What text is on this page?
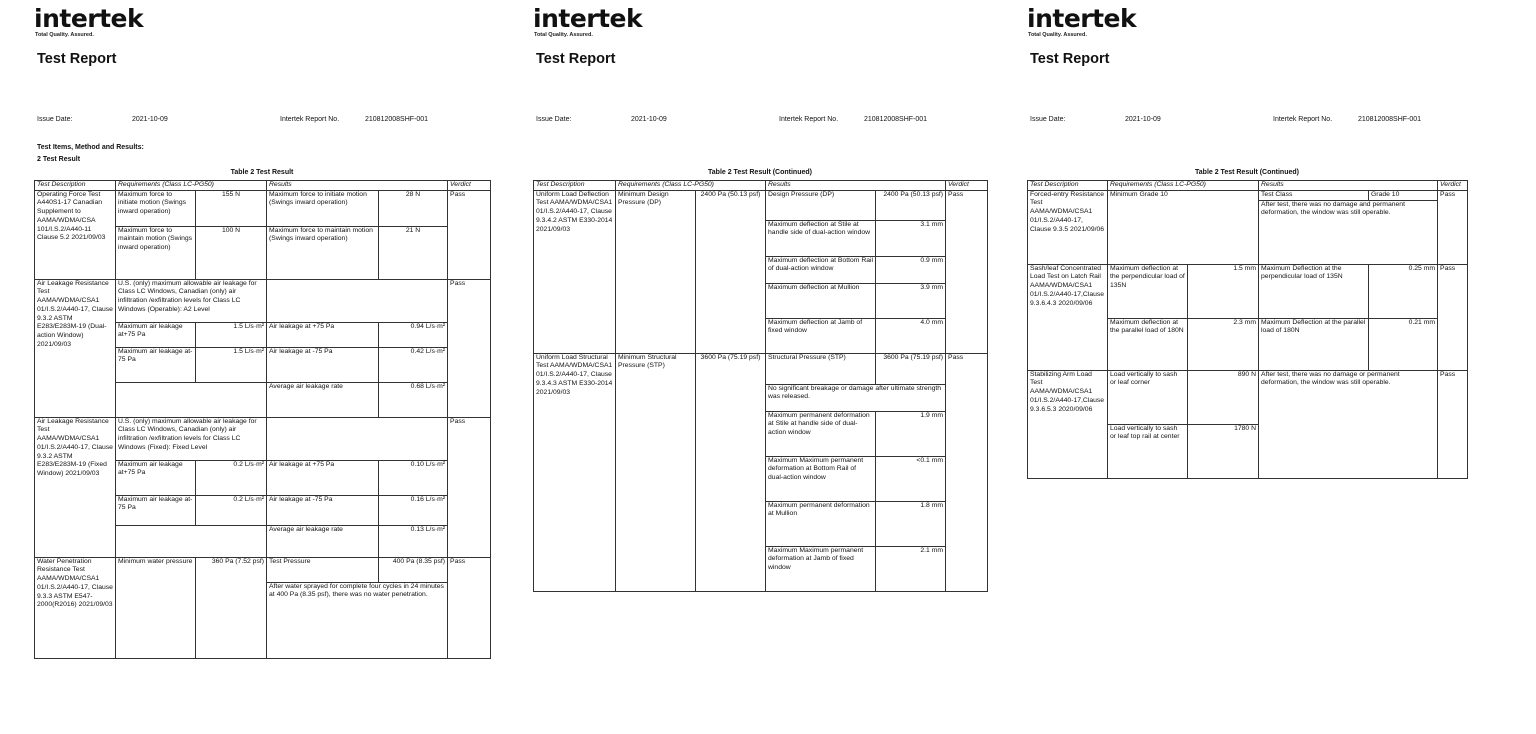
intertek
Total Quality. Assured.
Test Report
Issue Date:	2021-10-09	Intertek Report No.	210812008SHF-001
Test Items, Method and Results:
2 Test Result
Table 2 Test Result
Test Description	Requirements (Class LC-PG50)		Results		Verdict
Operating Force Test A440S1-17 Canadian Supplement to AAMA/WDMA/CSA 101/I.S.2/A440-11 Clause 5.2 2021/09/03	Maximum force to initiate motion (Swings inward operation)	155 N	Maximum force to initiate motion (Swings inward operation)	28 N	Pass
	Maximum force to maintain motion (Swings inward operation)	100 N	Maximum force to maintain motion (Swings inward operation)	21 N	
Air Leakage Resistance Test AAMA/WDMA/CSA1 01/I.S.2/A440-17, Clause 9.3.2 ASTM E283/E283M-19 (Dual-action Window) 2021/09/03	U.S. (only) maximum allowable air leakage for Class LC Windows, Canadian (only) air infiltration /exfiltration levels for Class LC Windows (Operable): A2 Level				Pass
	Maximum air leakage at+75 Pa	1.5 L/s·m²	Air leakage at +75 Pa	0.94 L/s·m²	
	Maximum air leakage at-75 Pa	1.5 L/s·m²	Air leakage at -75 Pa	0.42 L/s·m²	
			Average air leakage rate	0.68 L/s·m²	
Air Leakage Resistance Test AAMA/WDMA/CSA1 01/I.S.2/A440-17, Clause 9.3.2 ASTM E283/E283M-19 (Fixed Window) 2021/09/03	U.S. (only) maximum allowable air leakage for Class LC Windows, Canadian (only) air infiltration /exfiltration levels for Class LC Windows (Fixed): Fixed Level				Pass
	Maximum air leakage at+75 Pa	0.2 L/s·m²	Air leakage at +75 Pa	0.10 L/s·m²	
	Maximum air leakage at-75 Pa	0.2 L/s·m²	Air leakage at -75 Pa	0.16 L/s·m²	
			Average air leakage rate	0.13 L/s·m²	
Water Penetration Resistance Test AAMA/WDMA/CSA1 01/I.S.2/A440-17, Clause 9.3.3 ASTM E547-2000(R2016) 2021/09/03	Minimum water pressure	360 Pa (7.52 psf)	Test Pressure	400 Pa (8.35 psf)	Pass
			After water sprayed for complete four cycles in 24 minutes at 400 Pa (8.35 psf), there was no water penetration.		
intertek
Total Quality. Assured.
Test Report
Issue Date:	2021-10-09	Intertek Report No.	210812008SHF-001
Table 2 Test Result (Continued)
Test Description	Requirements (Class LC-PG50)		Results		Verdict
Uniform Load Deflection Test AAMA/WDMA/CSA1 01/I.S.2/A440-17, Clause 9.3.4.2 ASTM E330-2014 2021/09/03	Minimum Design Pressure (DP)	2400 Pa (50.13 psf)	Design Pressure (DP)	2400 Pa (50.13 psf)	Pass
			Maximum deflection at Stile at handle side of dual-action window	3.1 mm	
			Maximum deflection at Bottom Rail of dual-action window	0.9 mm	
			Maximum deflection at Mullion	3.9 mm	
			Maximum deflection at Jamb of fixed window	4.0 mm	
Uniform Load Structural Test AAMA/WDMA/CSA1 01/I.S.2/A440-17, Clause 9.3.4.3 ASTM E330-2014 2021/09/03	Minimum Structural Pressure (STP)	3600 Pa (75.19 psf)	Structural Pressure (STP)	3600 Pa (75.19 psf)	Pass
			No significant breakage or damage after ultimate strength was released.		
			Maximum permanent deformation at Stile at handle side of dual-action window	1.9 mm	
			Maximum Maximum permanent deformation at Bottom Rail of dual-action window	<0.1 mm	
			Maximum permanent deformation at Mullion	1.8 mm	
			Maximum Maximum permanent deformation at Jamb of fixed window	2.1 mm	
intertek
Total Quality. Assured.
Test Report
Issue Date:	2021-10-09	Intertek Report No.	210812008SHF-001
Table 2 Test Result (Continued)
Test Description	Requirements (Class LC-PG50)		Results		Verdict
Forced-entry Resistance Test AAMA/WDMA/CSA1 01/I.S.2/A440-17, Clause 9.3.5 2021/09/06	Minimum Grade 10		Test Class	Grade 10	Pass
			After test, there was no damage and permanent deformation, the window was still operable.		
Sash/leaf Concentrated Load Test on Latch Rail AAMA/WDMA/CSA1 01/I.S.2/A440-17,Clause 9.3.6.4.3 2020/09/06	Maximum deflection at the perpendicular load of 135N	1.5 mm	Maximum Deflection at the perpendicular load of 135N	0.25 mm	Pass
	Maximum deflection at the parallel load of 180N	2.3 mm	Maximum Deflection at the parallel load of 180N	0.21 mm	
Stabilizing Arm Load Test AAMA/WDMA/CSA1 01/I.S.2/A440-17,Clause 9.3.6.5.3 2020/09/06	Load vertically to sash or leaf corner	890 N	After test, there was no damage or permanent deformation, the window was still operable.		Pass
	Load vertically to sash or leaf top rail at center	1780 N			
